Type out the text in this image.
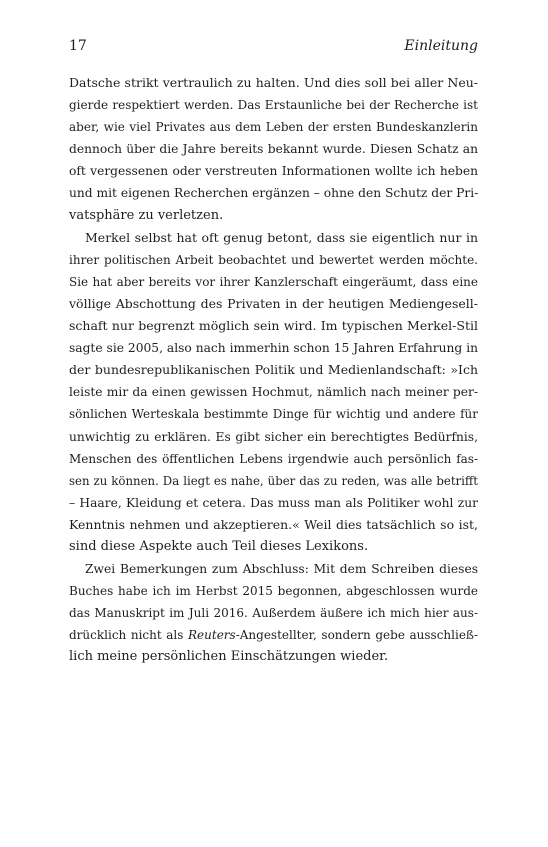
17	Einleitung
Datsche strikt vertraulich zu halten. Und dies soll bei aller Neu-
gierde respektiert werden. Das Erstaunliche bei der Recherche ist
aber, wie viel Privates aus dem Leben der ersten Bundeskanzlerin
dennoch über die Jahre bereits bekannt wurde. Diesen Schatz an
oft vergessenen oder verstreuten Informationen wollte ich heben
und mit eigenen Recherchen ergänzen – ohne den Schutz der Pri-
vatsphäre zu verletzen.
Merkel selbst hat oft genug betont, dass sie eigentlich nur in
ihrer politischen Arbeit beobachtet und bewertet werden möchte.
Sie hat aber bereits vor ihrer Kanzlerschaft eingeräumt, dass eine
völlige Abschottung des Privaten in der heutigen Mediengesell-
schaft nur begrenzt möglich sein wird. Im typischen Merkel-Stil
sagte sie 2005, also nach immerhin schon 15 Jahren Erfahrung in
der bundesrepublikanischen Politik und Medienlandschaft: »Ich
leiste mir da einen gewissen Hochmut, nämlich nach meiner per-
sönlichen Werteskala bestimmte Dinge für wichtig und andere für
unwichtig zu erklären. Es gibt sicher ein berechtigtes Bedürfnis,
Menschen des öffentlichen Lebens irgendwie auch persönlich fas-
sen zu können. Da liegt es nahe, über das zu reden, was alle betrifft
– Haare, Kleidung et cetera. Das muss man als Politiker wohl zur
Kenntnis nehmen und akzeptieren.« Weil dies tatsächlich so ist,
sind diese Aspekte auch Teil dieses Lexikons.
Zwei Bemerkungen zum Abschluss: Mit dem Schreiben dieses
Buches habe ich im Herbst 2015 begonnen, abgeschlossen wurde
das Manuskript im Juli 2016. Außerdem äußere ich mich hier aus-
drücklich nicht als Reuters-Angestellter, sondern gebe ausschließ-
lich meine persönlichen Einschätzungen wieder.
